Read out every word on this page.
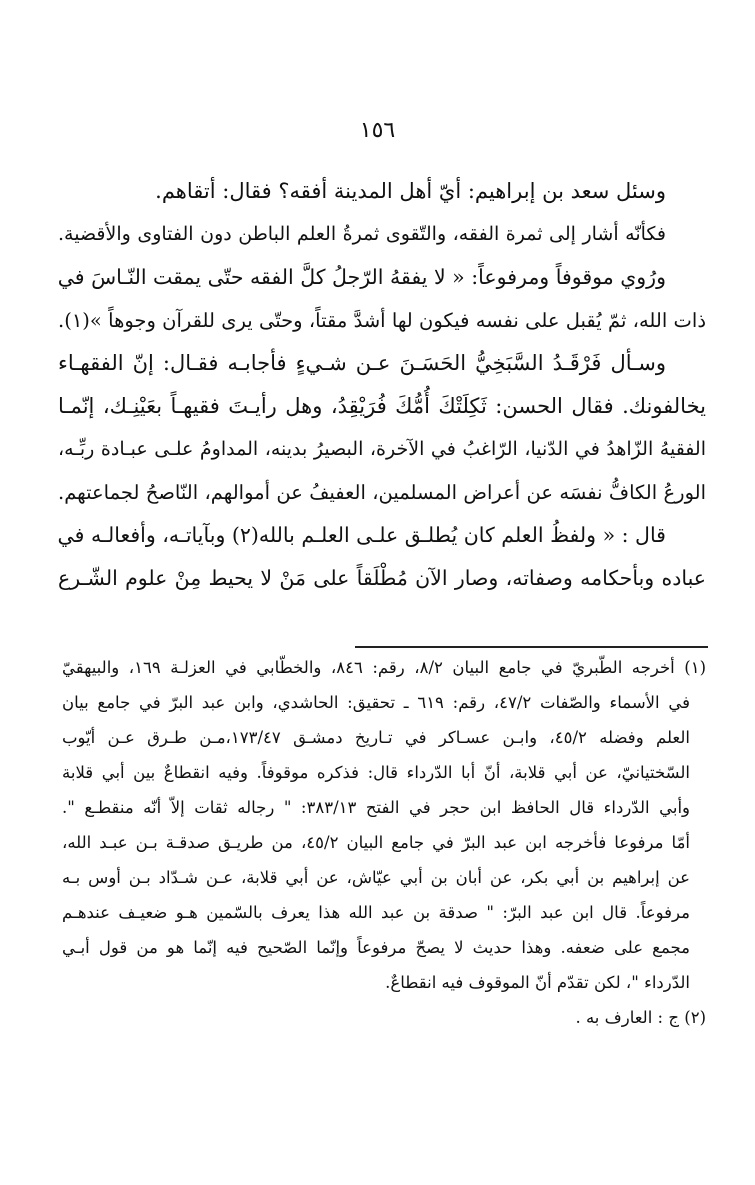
١٥٦
وسئل سعد بن إبراهيم: أيّ أهل المدينة أفقه؟ فقال: أتقاهم.
فكأنّه أشار إلى ثمرة الفقه، والتّقوى ثمرةُ العلم الباطن دون الفتاوى والأقضية.
ورُوي موقوفاً ومرفوعاً: « لا يفقهُ الرّجلُ كلَّ الفقه حتّى يمقت النّـاسَ في
ذات الله، ثمّ يُقبل على نفسه فيكون لها أشدَّ مقتاً، وحتّى يرى للقرآن وجوهاً »(١).
وسـأل فَرْقَـدُ السَّبَخِيُّ الحَسَـنَ عـن شـيءٍ فأجابـه فقـال: إنّ الفقهـاء
يخالفونك. فقال الحسن: ثَكِلَتْكَ أُمُّكَ فُرَيْقِدُ، وهل رأيـتَ فقيهـاً بعَيْنِـك، إنّمـا
الفقيهُ الزّاهدُ في الدّنيا، الرّاغبُ في الآخرة، البصيرُ بدينه، المداومُ علـى عبـادة ربِّـه،
الورعُ الكافُّ نفسَه عن أعراض المسلمين، العفيفُ عن أموالهم، النّاصحُ لجماعتهم.
قال : « ولفظُ العلم كان يُطلـق علـى العلـم بالله(٢) وبآياتـه، وأفعالـه في
عباده وبأحكامه وصفاته، وصار الآن مُطْلَقاً على مَنْ لا يحيط مِنْ علوم الشّـرع
(١) أخرجه الطّبريّ في جامع البيان ٨/٢، رقم: ٨٤٦، والخطّابي في العزلـة ١٦٩، والبيهقيّ
في الأسماء والصّفات ٤٧/٢، رقم: ٦١٩ ـ تحقيق: الحاشدي، وابن عبد البرّ في جامع بيان
العلم وفضله ٤٥/٢، وابـن عسـاكر في تـاريخ دمشـق ١٧٣/٤٧،مـن طـرق عـن أيّوب
السّختيانيّ، عن أبي قلابة، أنّ أبا الدّرداء قال: فذكره موقوفاً. وفيه انقطاعٌ بين أبي قلابة
وأبي الدّرداء قال الحافظ ابن حجر في الفتح ٣٨٣/١٣: " رجاله ثقات إلاّ أنّه منقطـع ".
أمّا مرفوعا فأخرجه ابن عبد البرّ في جامع البيان ٤٥/٢، من طريـق صدقـة بـن عبـد الله،
عن إبراهيم بن أبي بكر، عن أبان بن أبي عيّاش، عن أبي قلابة، عـن شـدّاد بـن أوس بـه
مرفوعاً. قال ابن عبد البرّ: " صدقة بن عبد الله هذا يعرف بالسّمين هـو ضعيـف عندهـم
مجمع على ضعفه. وهذا حديث لا يصحّ مرفوعاً وإنّما الصّحيح فيه إنّما هو من قول أبـي
الدّرداء "، لكن تقدّم أنّ الموقوف فيه انقطاعٌ.
(٢) ج : العارف به .
